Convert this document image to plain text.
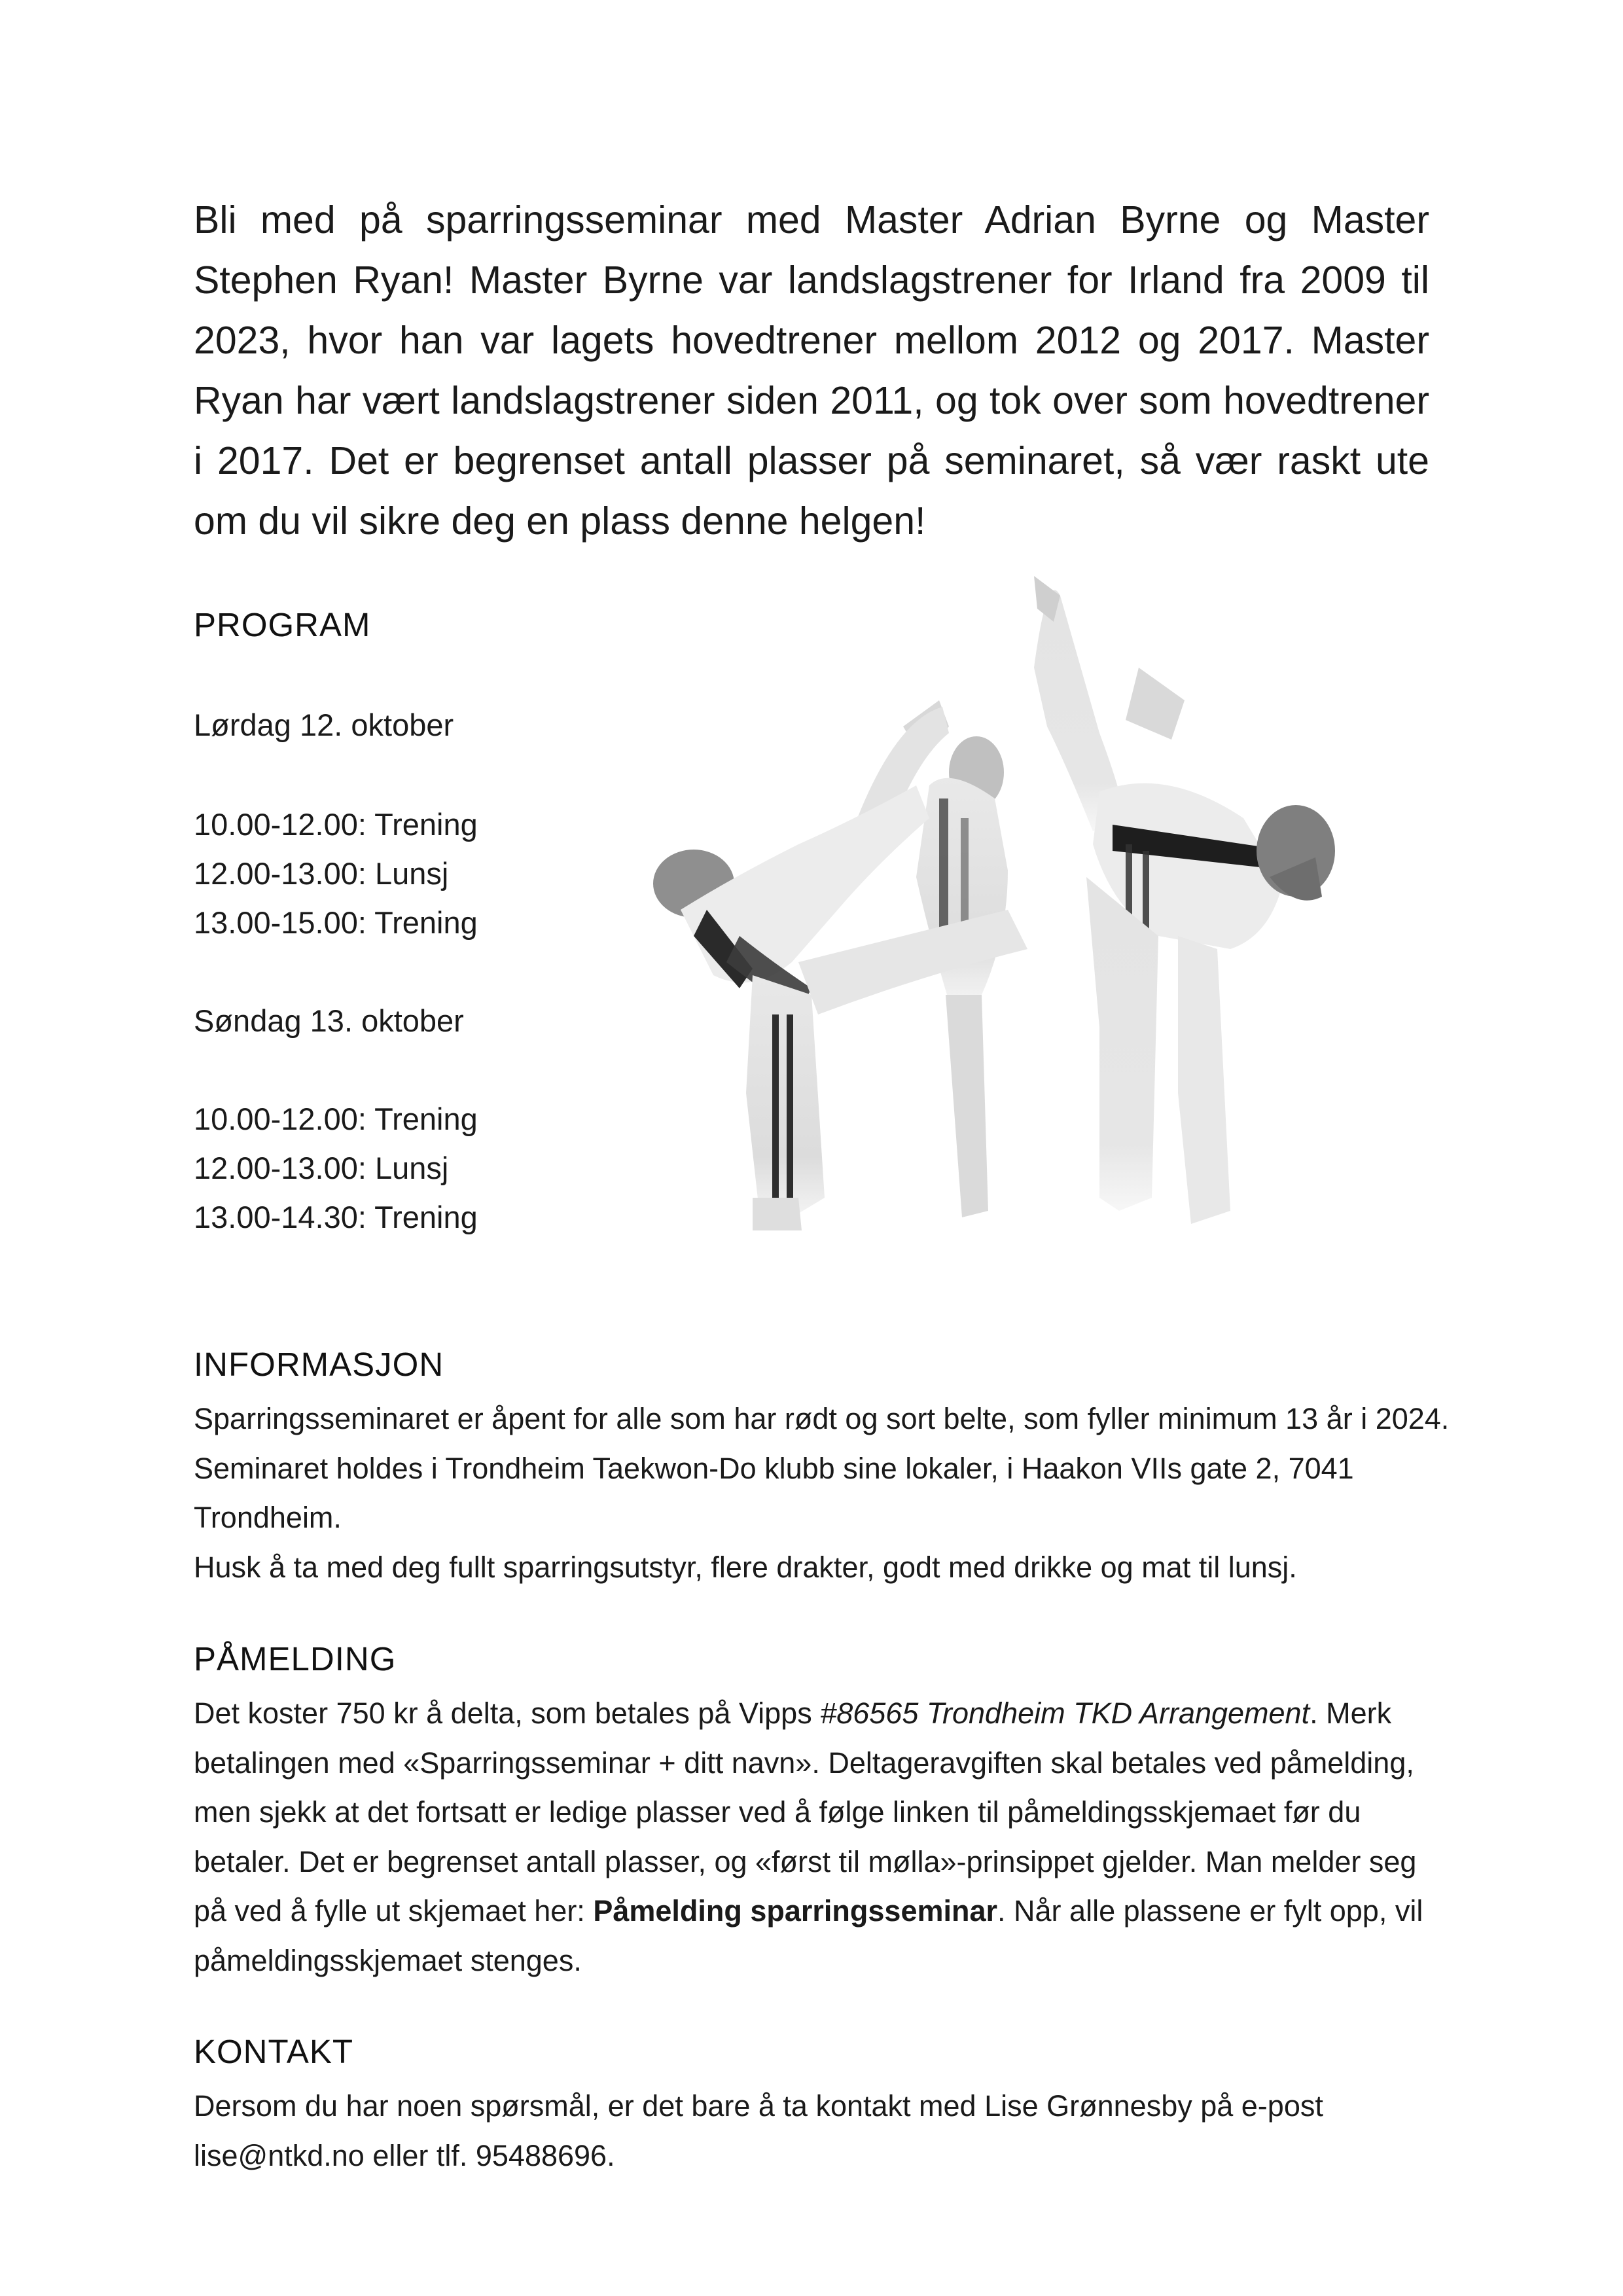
Bli med på sparringsseminar med Master Adrian Byrne og Master Stephen Ryan! Master Byrne var landslagstrener for Irland fra 2009 til 2023, hvor han var lagets hovedtrener mellom 2012 og 2017. Master Ryan har vært landslagstrener siden 2011, og tok over som hovedtrener i 2017. Det er begrenset antall plasser på seminaret, så vær raskt ute om du vil sikre deg en plass denne helgen!

PROGRAM

Lørdag 12. oktober

10.00-12.00: Trening

12.00-13.00: Lunsj

13.00-15.00: Trening

Søndag 13. oktober

10.00-12.00: Trening

12.00-13.00: Lunsj

13.00-14.30: Trening

INFORMASJON

Sparringsseminaret er åpent for alle som har rødt og sort belte, som fyller minimum 13 år i 2024. Seminaret holdes i Trondheim Taekwon-Do klubb sine lokaler, i Haakon VIIs gate 2, 7041 Trondheim.

Husk å ta med deg fullt sparringsutstyr, flere drakter, godt med drikke og mat til lunsj.

PÅMELDING

Det koster 750 kr å delta, som betales på Vipps #86565 Trondheim TKD Arrangement. Merk betalingen med «Sparringsseminar + ditt navn». Deltageravgiften skal betales ved påmelding, men sjekk at det fortsatt er ledige plasser ved å følge linken til påmeldingsskjemaet før du betaler. Det er begrenset antall plasser, og «først til mølla»-prinsippet gjelder. Man melder seg på ved å fylle ut skjemaet her: Påmelding sparringsseminar. Når alle plassene er fylt opp, vil påmeldingsskjemaet stenges.

KONTAKT

Dersom du har noen spørsmål, er det bare å ta kontakt med Lise Grønnesby på e-post lise@ntkd.no eller tlf. 95488696.
